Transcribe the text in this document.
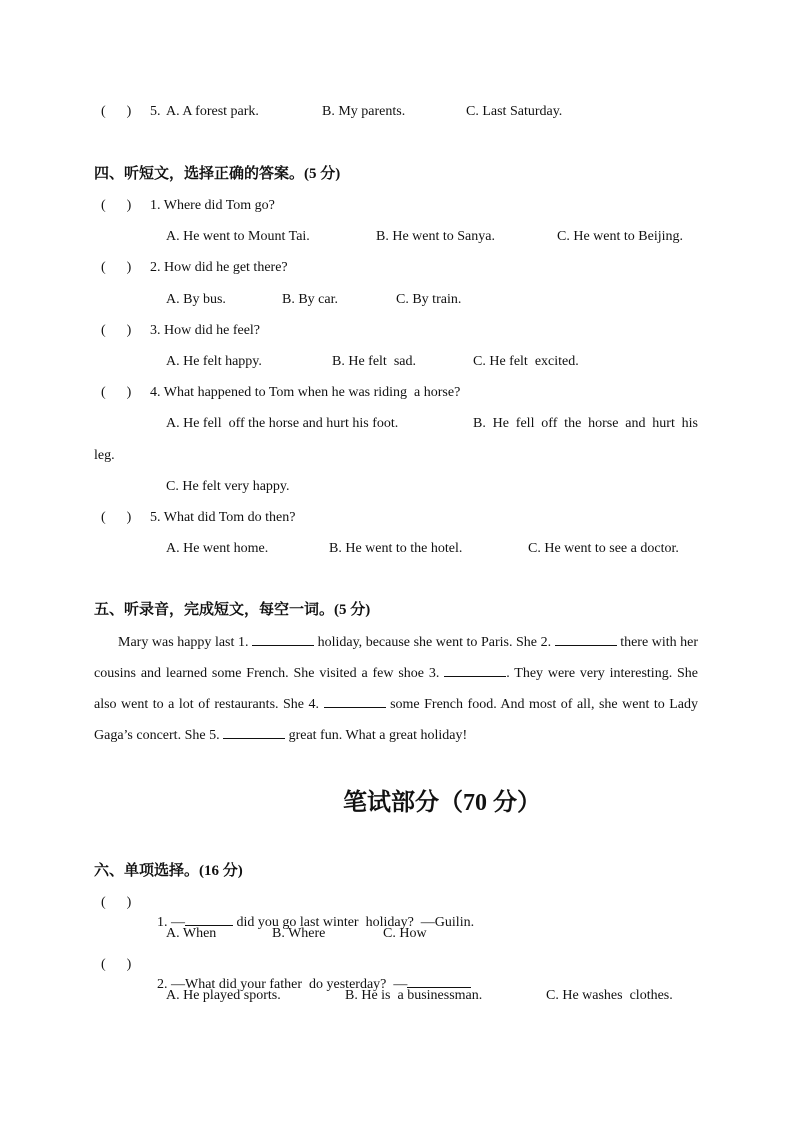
(      ) 5. A. A forest park.	B. My parents.	C. Last Saturday.
四、听短文，选择正确的答案。(5 分)
(      ) 1. Where did Tom go?
A. He went to Mount Tai.	B. He went to Sanya.	C. He went to Beijing.
(      ) 2. How did he get there?
A. By bus.	B. By car.	C. By train.
(      ) 3. How did he feel?
A. He felt happy.	B. He felt  sad.	C. He felt  excited.
(      ) 4. What happened to Tom when he was riding  a horse?
A. He fell  off the horse and hurt his foot.	B. He fell off the horse and hurt his
leg.
C. He felt very happy.
(      ) 5. What did Tom do then?
A. He went home.	B. He went to the hotel.	C. He went to see a doctor.
五、听录音，完成短文，每空一词。(5 分)
Mary was happy last 1.	holiday, because she went to Paris. She 2.	there with her cousins and learned some French. She visited a few shoe 3.	. They were very interesting. She also went to a lot of restaurants. She 4.	some French food. And most of all, she went to Lady Gaga’s concert. She 5.	great fun. What a great holiday!
笔试部分（70 分）
六、单项选择。(16 分)
(      )

1. —	did you go last winter  holiday?  —Guilin.

A. When	B. Where	C. How
(      )

2. —What did your father  do yesterday?  —

A. He played sports.	B. He is  a businessman.	C. He washes  clothes.
